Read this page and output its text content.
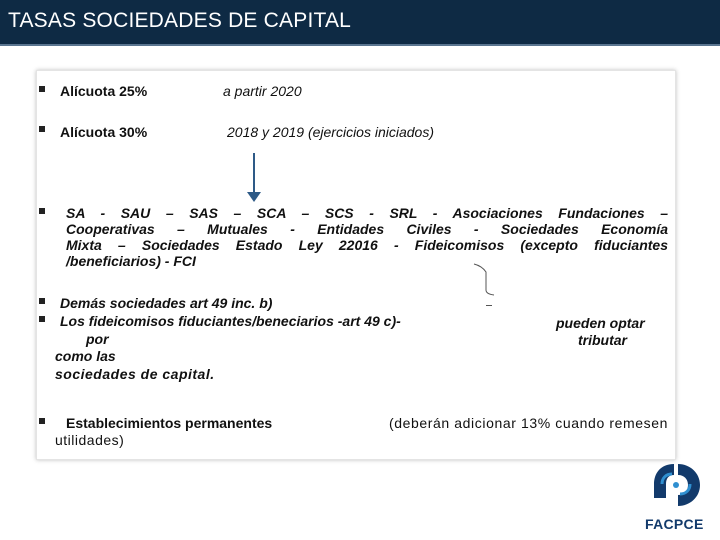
TASAS SOCIEDADES DE CAPITAL
Alícuota 25%	a partir 2020
Alícuota 30%	2018 y 2019 (ejercicios iniciados)
SA - SAU – SAS – SCA – SCS - SRL - Asociaciones Fundaciones –
Cooperativas – Mutuales - Entidades Civiles - Sociedades Economía
Mixta – Sociedades Estado Ley 22016 - Fideicomisos (excepto fiduciantes
/beneficiarios) - FCI
Demás sociedades art 49 inc. b)
Los fideicomisos fiduciantes/beneciarios -art 49 c)-
por
como las
sociedades de capital.
pueden optar
tributar
Establecimientos permanentes	(deberán adicionar 13% cuando remesen
utilidades)
FACPCE
